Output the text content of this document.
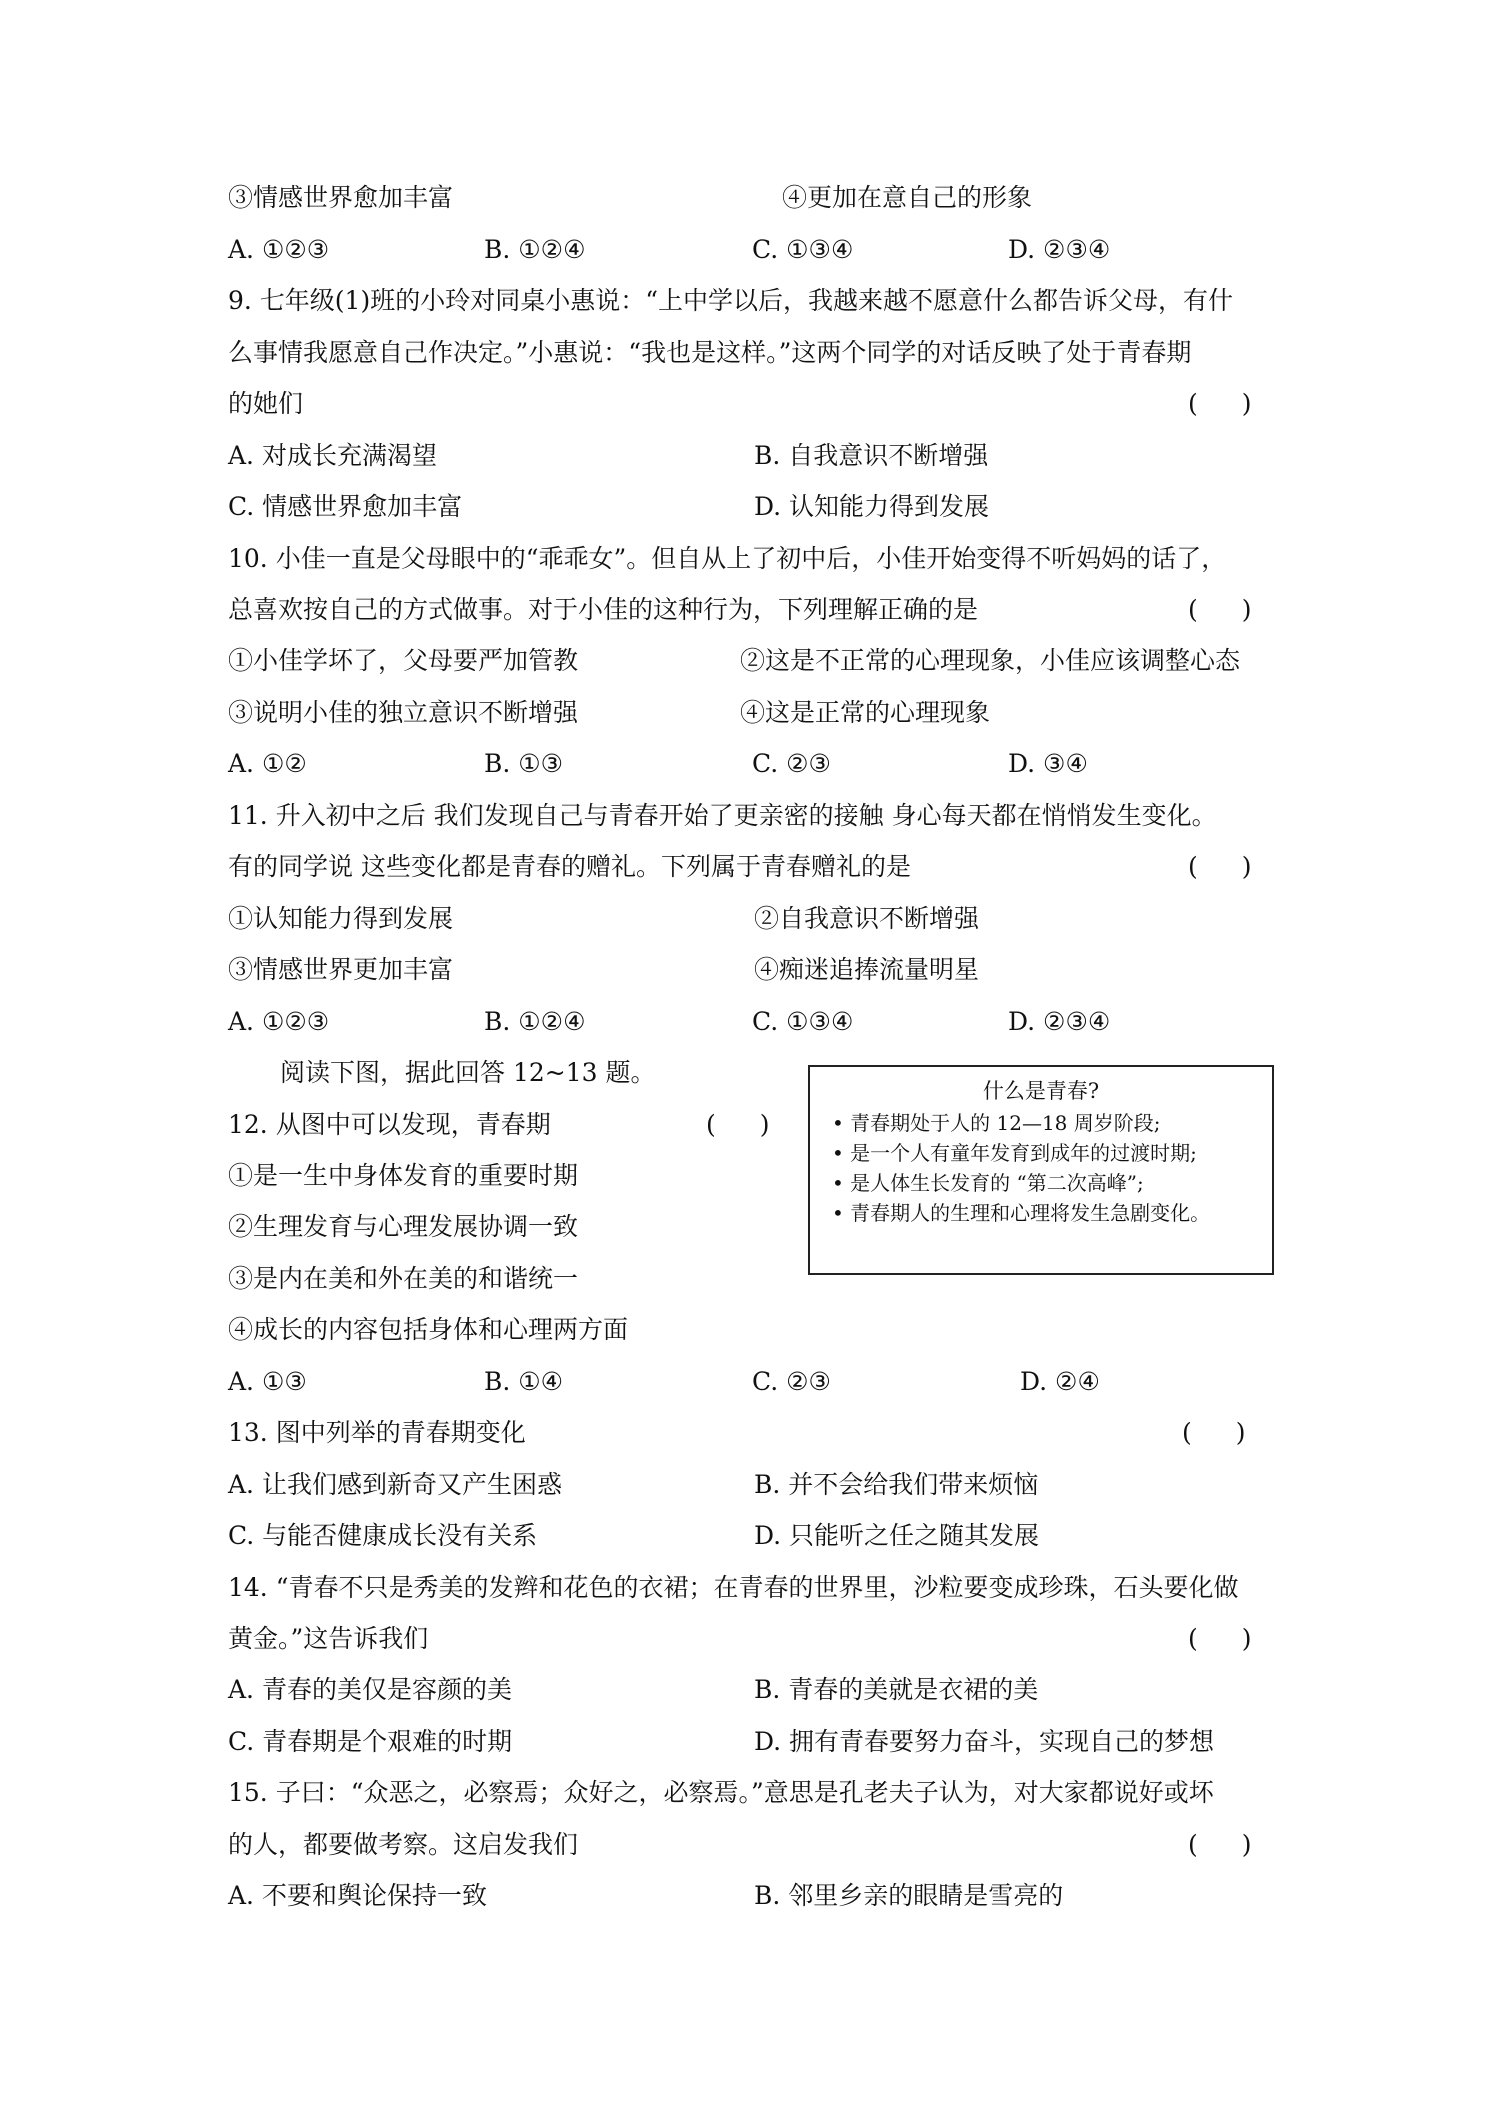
③情感世界愈加丰富	④更加在意自己的形象
A. ①②③	B. ①②④	C. ①③④	D. ②③④
9. 七年级(1)班的小玲对同桌小惠说：“上中学以后，我越来越不愿意什么都告诉父母，有什
么事情我愿意自己作决定。”小惠说：“我也是这样。”这两个同学的对话反映了处于青春期
的她们	( )
A. 对成长充满渴望	B. 自我意识不断增强
C. 情感世界愈加丰富	D. 认知能力得到发展
10. 小佳一直是父母眼中的“乖乖女”。但自从上了初中后，小佳开始变得不听妈妈的话了，
总喜欢按自己的方式做事。对于小佳的这种行为，下列理解正确的是	( )
①小佳学坏了，父母要严加管教	②这是不正常的心理现象，小佳应该调整心态
③说明小佳的独立意识不断增强	④这是正常的心理现象
A. ①②	B. ①③	C. ②③	D. ③④
11. 升入初中之后 我们发现自己与青春开始了更亲密的接触 身心每天都在悄悄发生变化。
有的同学说 这些变化都是青春的赠礼。下列属于青春赠礼的是	( )
①认知能力得到发展	②自我意识不断增强
③情感世界更加丰富	④痴迷追捧流量明星
A. ①②③	B. ①②④	C. ①③④	D. ②③④
阅读下图，据此回答 12~13 题。
什么是青春?
• 青春期处于人的 12—18 周岁阶段;
• 是一个人有童年发育到成年的过渡时期;
• 是人体生长发育的 “第二次高峰”;
• 青春期人的生理和心理将发生急剧变化。
12. 从图中可以发现，青春期	( )
①是一生中身体发育的重要时期
②生理发育与心理发展协调一致
③是内在美和外在美的和谐统一
④成长的内容包括身体和心理两方面
A. ①③	B. ①④	C. ②③	D. ②④
13. 图中列举的青春期变化	( )
A. 让我们感到新奇又产生困惑	B. 并不会给我们带来烦恼
C. 与能否健康成长没有关系	D. 只能听之任之随其发展
14. “青春不只是秀美的发辫和花色的衣裙；在青春的世界里，沙粒要变成珍珠，石头要化做
黄金。”这告诉我们	( )
A. 青春的美仅是容颜的美	B. 青春的美就是衣裙的美
C. 青春期是个艰难的时期	D. 拥有青春要努力奋斗，实现自己的梦想
15. 子曰：“众恶之，必察焉；众好之，必察焉。”意思是孔老夫子认为，对大家都说好或坏
的人，都要做考察。这启发我们	( )
A. 不要和舆论保持一致	B. 邻里乡亲的眼睛是雪亮的
